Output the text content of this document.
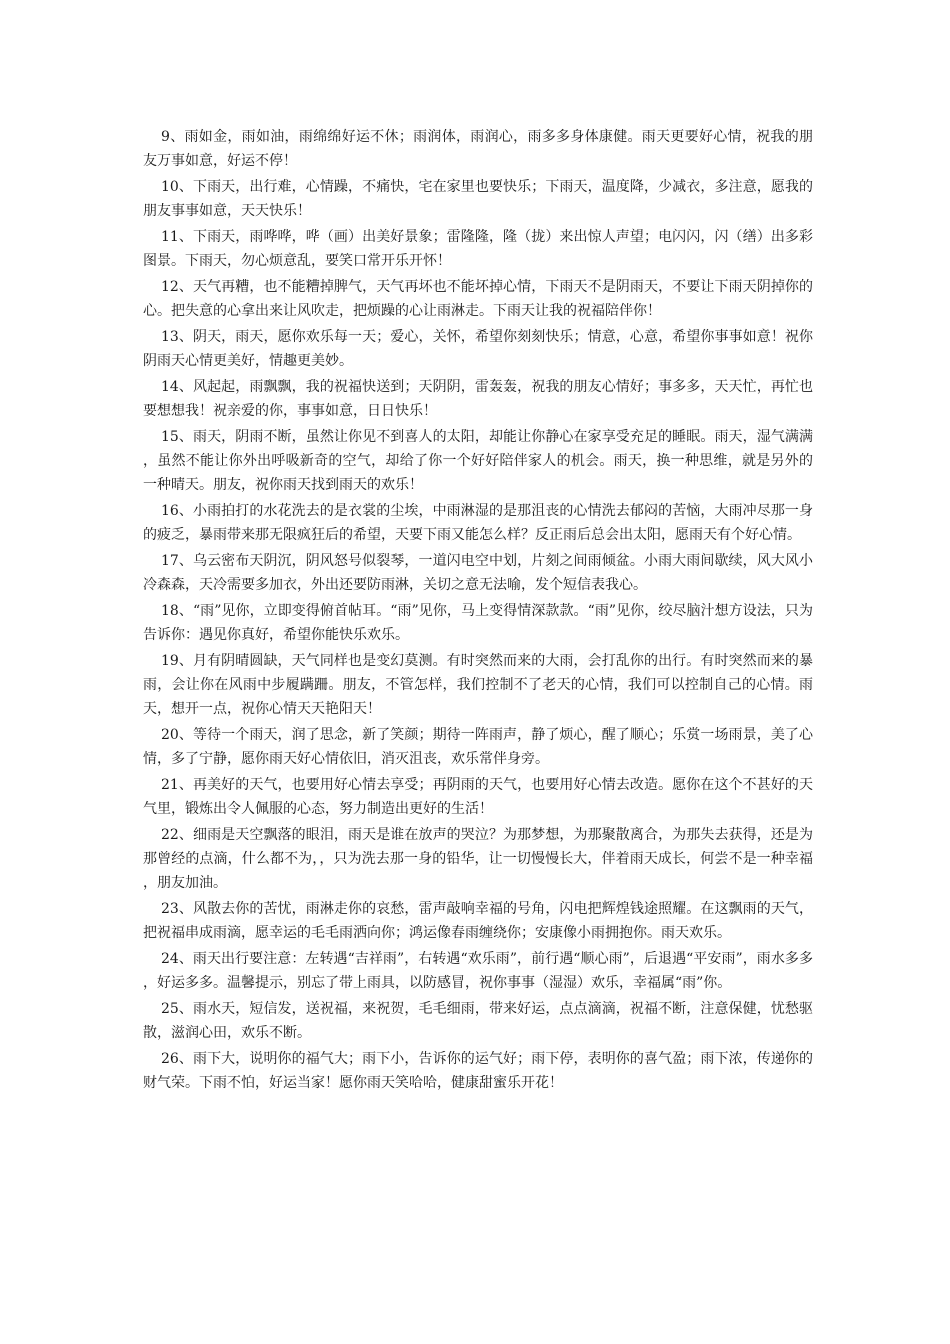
9、雨如金，雨如油，雨绵绵好运不休；雨润体，雨润心，雨多多身体康健。雨天更要好心情，祝我的朋友万事如意，好运不停！

10、下雨天，出行难，心情躁，不痛快，宅在家里也要快乐；下雨天，温度降，少减衣，多注意，愿我的朋友事事如意，天天快乐！

11、下雨天，雨哗哗，哗（画）出美好景象；雷隆隆，隆（拢）来出惊人声望；电闪闪，闪（缮）出多彩图景。下雨天，勿心烦意乱，要笑口常开乐开怀！

12、天气再糟，也不能糟掉脾气，天气再坏也不能坏掉心情，下雨天不是阴雨天，不要让下雨天阴掉你的心。把失意的心拿出来让风吹走，把烦躁的心让雨淋走。下雨天让我的祝福陪伴你！

13、阴天，雨天，愿你欢乐每一天；爱心，关怀，希望你刻刻快乐；情意，心意，希望你事事如意！祝你阴雨天心情更美好，情趣更美妙。

14、风起起，雨飘飘，我的祝福快送到；天阴阴，雷轰轰，祝我的朋友心情好；事多多，天天忙，再忙也要想想我！祝亲爱的你，事事如意，日日快乐！

15、雨天，阴雨不断，虽然让你见不到喜人的太阳，却能让你静心在家享受充足的睡眠。雨天，湿气满满，虽然不能让你外出呼吸新奇的空气，却给了你一个好好陪伴家人的机会。雨天，换一种思维，就是另外的一种晴天。朋友，祝你雨天找到雨天的欢乐！

16、小雨拍打的水花洗去的是衣裳的尘埃，中雨淋湿的是那沮丧的心情洗去郁闷的苦恼，大雨冲尽那一身的疲乏，暴雨带来那无限疯狂后的希望，天要下雨又能怎么样？反正雨后总会出太阳，愿雨天有个好心情。

17、乌云密布天阴沉，阴风怒号似裂琴，一道闪电空中划，片刻之间雨倾盆。小雨大雨间歇续，风大风小冷森森，天冷需要多加衣，外出还要防雨淋，关切之意无法喻，发个短信表我心。

18、“雨”见你，立即变得俯首帖耳。“雨”见你，马上变得情深款款。“雨”见你，绞尽脑汁想方设法，只为告诉你：遇见你真好，希望你能快乐欢乐。

19、月有阴晴圆缺，天气同样也是变幻莫测。有时突然而来的大雨，会打乱你的出行。有时突然而来的暴雨，会让你在风雨中步履蹒跚。朋友，不管怎样，我们控制不了老天的心情，我们可以控制自己的心情。雨天，想开一点，祝你心情天天艳阳天！

20、等待一个雨天，润了思念，新了笑颜；期待一阵雨声，静了烦心，醒了顺心；乐赏一场雨景，美了心情，多了宁静，愿你雨天好心情依旧，消灭沮丧，欢乐常伴身旁。

21、再美好的天气，也要用好心情去享受；再阴雨的天气，也要用好心情去改造。愿你在这个不甚好的天气里，锻炼出令人佩服的心态，努力制造出更好的生活！

22、细雨是天空飘落的眼泪，雨天是谁在放声的哭泣？为那梦想，为那聚散离合，为那失去获得，还是为那曾经的点滴，什么都不为，，只为洗去那一身的铅华，让一切慢慢长大，伴着雨天成长，何尝不是一种幸福，朋友加油。

23、风散去你的苦忧，雨淋走你的哀愁，雷声敲响幸福的号角，闪电把辉煌钱途照耀。在这飘雨的天气，把祝福串成雨滴，愿幸运的毛毛雨洒向你；鸿运像春雨缠绕你；安康像小雨拥抱你。雨天欢乐。

24、雨天出行要注意：左转遇“吉祥雨”，右转遇“欢乐雨”，前行遇“顺心雨”，后退遇“平安雨”，雨水多多，好运多多。温馨提示，别忘了带上雨具，以防感冒，祝你事事（湿湿）欢乐，幸福属“雨”你。

25、雨水天，短信发，送祝福，来祝贺，毛毛细雨，带来好运，点点滴滴，祝福不断，注意保健，忧愁驱散，滋润心田，欢乐不断。

26、雨下大，说明你的福气大；雨下小，告诉你的运气好；雨下停，表明你的喜气盈；雨下浓，传递你的财气荣。下雨不怕，好运当家！愿你雨天笑哈哈，健康甜蜜乐开花！
